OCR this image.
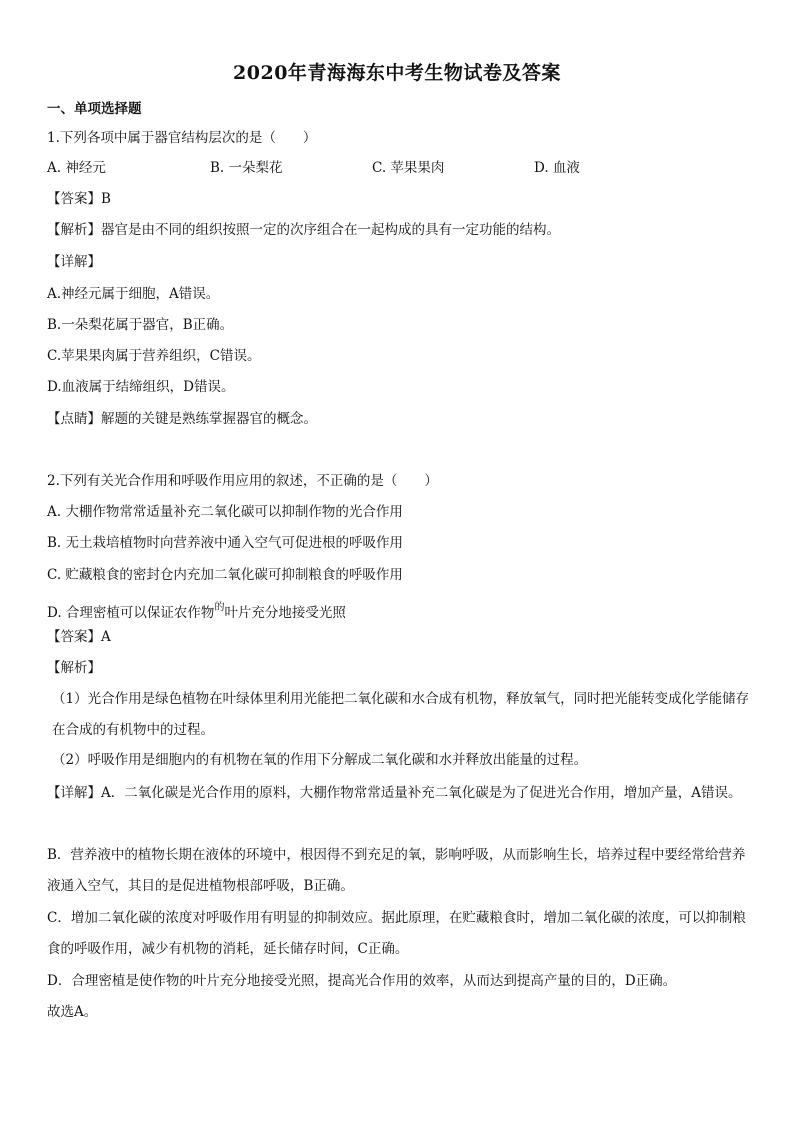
2020年青海海东中考生物试卷及答案
一、单项选择题
1.下列各项中属于器官结构层次的是（　　）
A. 神经元	B. 一朵梨花	C. 苹果果肉	D. 血液
【答案】B
【解析】器官是由不同的组织按照一定的次序组合在一起构成的具有一定功能的结构。
【详解】
A.神经元属于细胞，A错误。
B.一朵梨花属于器官，B正确。
C.苹果果肉属于营养组织，C错误。
D.血液属于结缔组织，D错误。
【点睛】解题的关键是熟练掌握器官的概念。
2.下列有关光合作用和呼吸作用应用的叙述，不正确的是（　　）
A. 大棚作物常常适量补充二氧化碳可以抑制作物的光合作用
B. 无土栽培植物时向营养液中通入空气可促进根的呼吸作用
C. 贮藏粮食的密封仓内充加二氧化碳可抑制粮食的呼吸作用
D. 合理密植可以保证农作物$^的$叶片充分地接受光照
【答案】A
【解析】
（1）光合作用是绿色植物在叶绿体里利用光能把二氧化碳和水合成有机物，释放氧气，同时把光能转变成化学能储存在合成的有机物中的过程。
（2）呼吸作用是细胞内的有机物在氧的作用下分解成二氧化碳和水并释放出能量的过程。
【详解】A．二氧化碳是光合作用的原料，大棚作物常常适量补充二氧化碳是为了促进光合作用，增加产量，A错误。
B．营养液中的植物长期在液体的环境中，根因得不到充足的氧，影响呼吸，从而影响生长，培养过程中要经常给营养液通入空气，其目的是促进植物根部呼吸，B正确。
C．增加二氧化碳的浓度对呼吸作用有明显的抑制效应。据此原理，在贮藏粮食时，增加二氧化碳的浓度，可以抑制粮食的呼吸作用，减少有机物的消耗，延长储存时间，C正确。
D．合理密植是使作物的叶片充分地接受光照，提高光合作用的效率，从而达到提高产量的目的，D正确。
故选A。
